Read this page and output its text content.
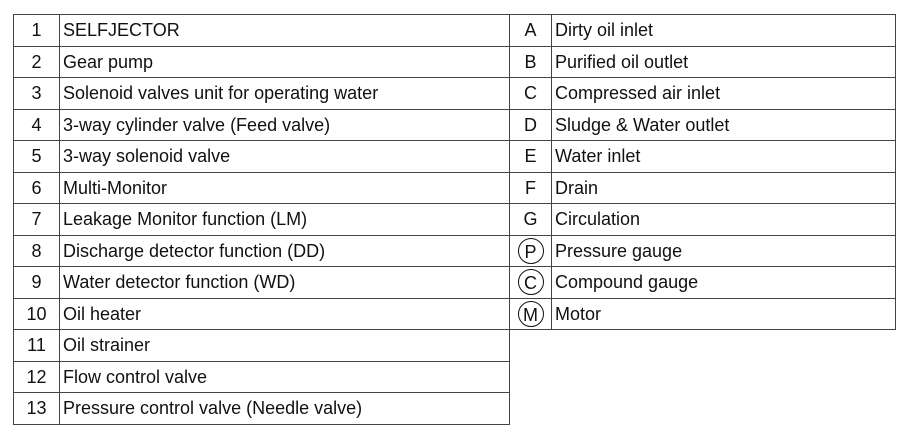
1	SELFJECTOR
2	Gear pump
3	Solenoid valves unit for operating water
4	3-way cylinder valve (Feed valve)
5	3-way solenoid valve
6	Multi-Monitor
7	Leakage Monitor function (LM)
8	Discharge detector function (DD)
9	Water detector function (WD)
10	Oil heater
11	Oil strainer
12	Flow control valve
13	Pressure control valve (Needle valve)
A	Dirty oil inlet
B	Purified oil outlet
C	Compressed air inlet
D	Sludge & Water outlet
E	Water inlet
F	Drain
G	Circulation
P	Pressure gauge
C	Compound gauge
M	Motor
